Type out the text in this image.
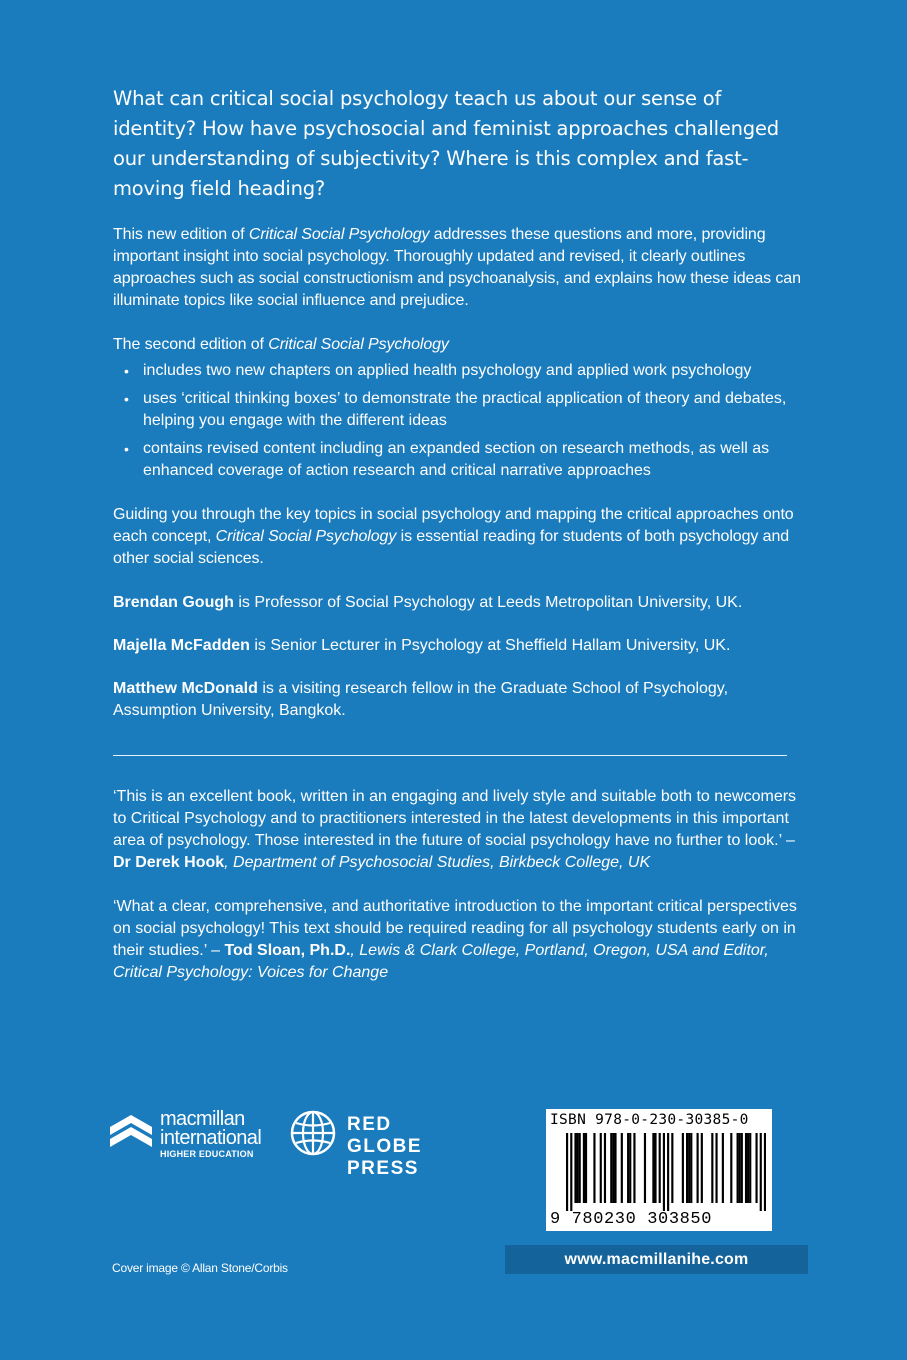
What can critical social psychology teach us about our sense of identity? How have psychosocial and feminist approaches challenged our understanding of subjectivity? Where is this complex and fast-moving field heading?

This new edition of Critical Social Psychology addresses these questions and more, providing important insight into social psychology. Thoroughly updated and revised, it clearly outlines approaches such as social constructionism and psychoanalysis, and explains how these ideas can illuminate topics like social influence and prejudice.

The second edition of Critical Social Psychology

• includes two new chapters on applied health psychology and applied work psychology
• uses ‘critical thinking boxes’ to demonstrate the practical application of theory and debates, helping you engage with the different ideas
• contains revised content including an expanded section on research methods, as well as enhanced coverage of action research and critical narrative approaches

Guiding you through the key topics in social psychology and mapping the critical approaches onto each concept, Critical Social Psychology is essential reading for students of both psychology and other social sciences.

Brendan Gough is Professor of Social Psychology at Leeds Metropolitan University, UK.

Majella McFadden is Senior Lecturer in Psychology at Sheffield Hallam University, UK.

Matthew McDonald is a visiting research fellow in the Graduate School of Psychology, Assumption University, Bangkok.

‘This is an excellent book, written in an engaging and lively style and suitable both to newcomers to Critical Psychology and to practitioners interested in the latest developments in this important area of psychology. Those interested in the future of social psychology have no further to look.’ – Dr Derek Hook, Department of Psychosocial Studies, Birkbeck College, UK

‘What a clear, comprehensive, and authoritative introduction to the important critical perspectives on social psychology! This text should be required reading for all psychology students early on in their studies.’ – Tod Sloan, Ph.D., Lewis & Clark College, Portland, Oregon, USA and Editor, Critical Psychology: Voices for Change

macmillan
international
HIGHER EDUCATION
RED GLOBE
PRESS
ISBN 978-0-230-30385-0
9 780230 303850
www.macmillanihe.com
Cover image © Allan Stone/Corbis
